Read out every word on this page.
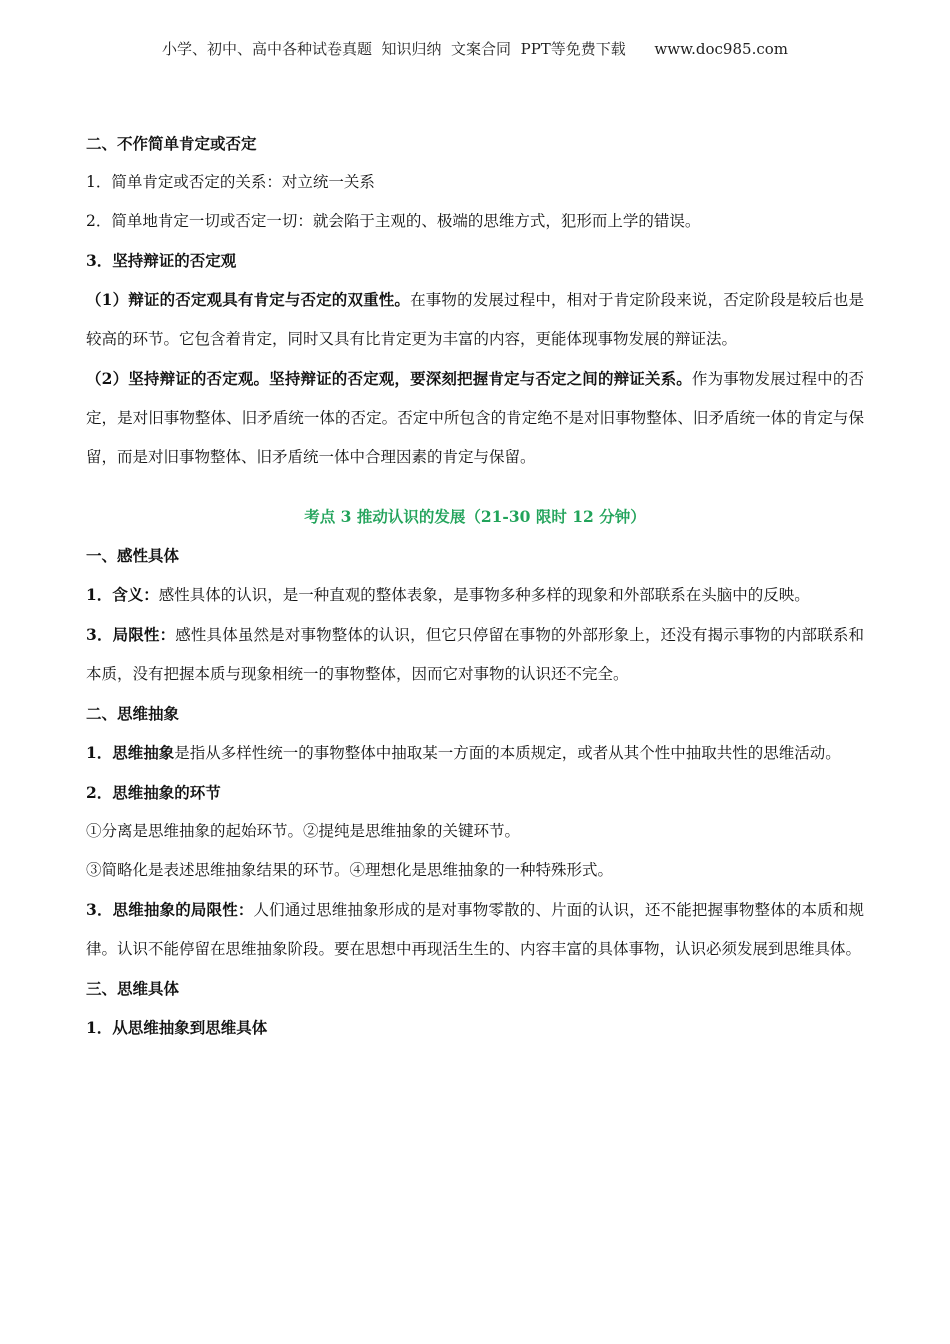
小学、初中、高中各种试卷真题  知识归纳  文案合同  PPT等免费下载      www.doc985.com

二、不作简单肯定或否定

1．简单肯定或否定的关系：对立统一关系

2．简单地肯定一切或否定一切：就会陷于主观的、极端的思维方式，犯形而上学的错误。

3．坚持辩证的否定观

（1）辩证的否定观具有肯定与否定的双重性。在事物的发展过程中，相对于肯定阶段来说，否定阶段是较后也是较高的环节。它包含着肯定，同时又具有比肯定更为丰富的内容，更能体现事物发展的辩证法。

（2）坚持辩证的否定观。坚持辩证的否定观，要深刻把握肯定与否定之间的辩证关系。作为事物发展过程中的否定，是对旧事物整体、旧矛盾统一体的否定。否定中所包含的肯定绝不是对旧事物整体、旧矛盾统一体的肯定与保留，而是对旧事物整体、旧矛盾统一体中合理因素的肯定与保留。

考点 3 推动认识的发展（21-30 限时 12 分钟）

一、感性具体

1．含义：感性具体的认识，是一种直观的整体表象，是事物多种多样的现象和外部联系在头脑中的反映。

3．局限性：感性具体虽然是对事物整体的认识，但它只停留在事物的外部形象上，还没有揭示事物的内部联系和本质，没有把握本质与现象相统一的事物整体，因而它对事物的认识还不完全。

二、思维抽象

1．思维抽象是指从多样性统一的事物整体中抽取某一方面的本质规定，或者从其个性中抽取共性的思维活动。

2．思维抽象的环节

①分离是思维抽象的起始环节。②提纯是思维抽象的关键环节。

③简略化是表述思维抽象结果的环节。④理想化是思维抽象的一种特殊形式。

3．思维抽象的局限性：人们通过思维抽象形成的是对事物零散的、片面的认识，还不能把握事物整体的本质和规律。认识不能停留在思维抽象阶段。要在思想中再现活生生的、内容丰富的具体事物，认识必须发展到思维具体。

三、思维具体

1．从思维抽象到思维具体
